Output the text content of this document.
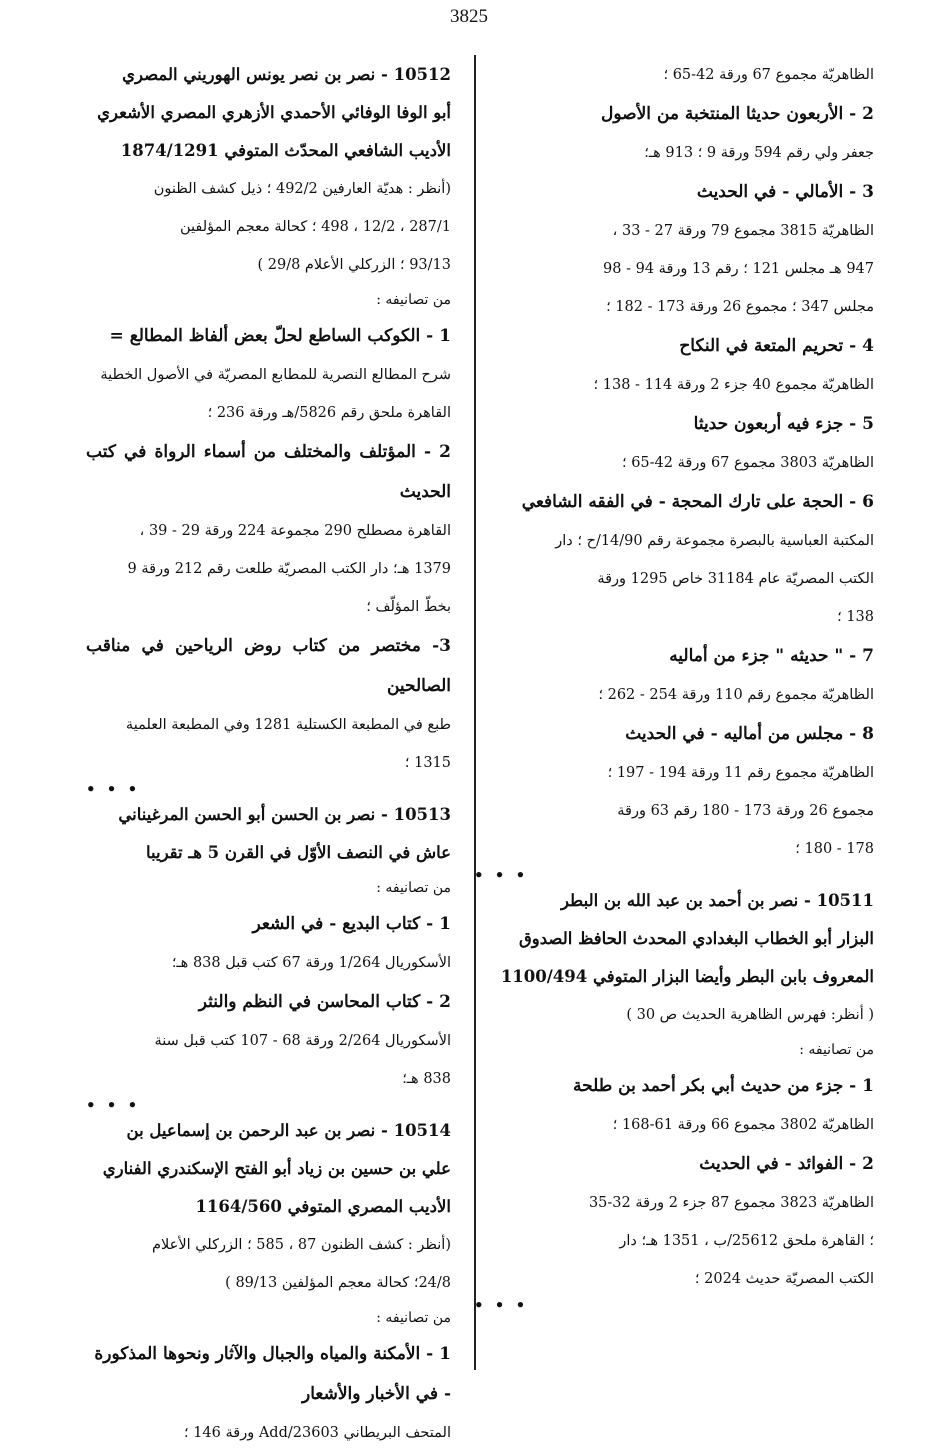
3825

الظاهريّة مجموع 67 ورقة 42-65 ؛

2 - الأربعون حديثا المنتخبة من الأصول

جعفر ولي رقم 594 ورقة 9 ؛ 913 هـ؛

3 - الأمالي - في الحديث

الظاهريّة 3815 مجموع 79 ورقة 27 - 33 ،

947 هـ مجلس 121 ؛ رقم 13 ورقة 94 - 98

مجلس 347 ؛ مجموع 26 ورقة 173 - 182 ؛

4 - تحريم المتعة في النكاح

الظاهريّة مجموع 40 جزء 2 ورقة 114 - 138 ؛

5 - جزء فيه أربعون حديثا

الظاهريّة 3803 مجموع 67 ورقة 42-65 ؛

6 - الحجة على تارك المحجة - في الفقه الشافعي

المكتبة العباسية بالبصرة مجموعة رقم 14/90/ح ؛ دار

الكتب المصريّة عام 31184 خاص 1295 ورقة

138 ؛

7 - " حديثه " جزء من أماليه

الظاهريّة مجموع رقم 110 ورقة 254 - 262 ؛

8 - مجلس من أماليه - في الحديث

الظاهريّة مجموع رقم 11 ورقة 194 - 197 ؛

مجموع 26 ورقة 173 - 180 رقم 63 ورقة

178 - 180 ؛

• • •

10511 - نصر بن أحمد بن عبد الله بن البطر

البزار أبو الخطاب البغدادي المحدث الحافظ الصدوق

المعروف بابن البطر وأيضا البزار المتوفي 1100/494

( أنظر: فهرس الظاهرية الحديث ص 30 )

من تصانيفه :

1 - جزء من حديث أبي بكر أحمد بن طلحة

الظاهريّة 3802 مجموع 66 ورقة 61-168 ؛

2 - الفوائد - في الحديث

الظاهريّة 3823 مجموع 87 جزء 2 ورقة 32-35

؛ القاهرة ملحق 25612/ب ، 1351 هـ؛ دار

الكتب المصريّة حديث 2024 ؛

• • •

10512 - نصر بن نصر يونس الهوريني المصري

أبو الوفا الوفائي الأحمدي الأزهري المصري الأشعري

الأديب الشافعي المحدّث المتوفي 1874/1291

(أنظر : هديّة العارفين 492/2 ؛ ذيل كشف الظنون

287/1 ، 12/2 ، 498 ؛ كحالة معجم المؤلفين

93/13 ؛ الزركلي الأعلام 29/8 )

من تصانيفه :

1 - الكوكب الساطع لحلّ بعض ألفاظ المطالع =

شرح المطالع النصرية للمطابع المصريّة في الأصول الخطية

القاهرة ملحق رقم 5826/هـ ورقة 236 ؛

2 - المؤتلف والمختلف من أسماء الرواة في كتب الحديث

القاهرة مصطلح 290 مجموعة 224 ورقة 29 - 39 ،

1379 هـ؛ دار الكتب المصريّة طلعت رقم 212 ورقة 9

بخطّ المؤلّف ؛

3- مختصر من كتاب روض الرياحين في مناقب الصالحين

طبع في المطبعة الكستلية 1281 وفي المطبعة العلمية

1315 ؛

• • •

10513 - نصر بن الحسن أبو الحسن المرغيناني

عاش في النصف الأوّل في القرن 5 هـ تقريبا

من تصانيفه :

1 - كتاب البديع - في الشعر

الأسكوريال 1/264 ورقة 67 كتب قبل 838 هـ؛

2 - كتاب المحاسن في النظم والنثر

الأسكوريال 2/264 ورقة 68 - 107 كتب قبل سنة

838 هـ؛

• • •

10514 - نصر بن عبد الرحمن بن إسماعيل بن

علي بن حسين بن زياد أبو الفتح الإسكندري الفناري

الأديب المصري المتوفي 1164/560

(أنظر : كشف الظنون 87 ، 585 ؛ الزركلي الأعلام

24/8؛ كحالة معجم المؤلفين 89/13 )

من تصانيفه :

1 - الأمكنة والمياه والجبال والآثار ونحوها المذكورة

- في الأخبار والأشعار

المتحف البريطاني 23603/Add ورقة 146 ؛
